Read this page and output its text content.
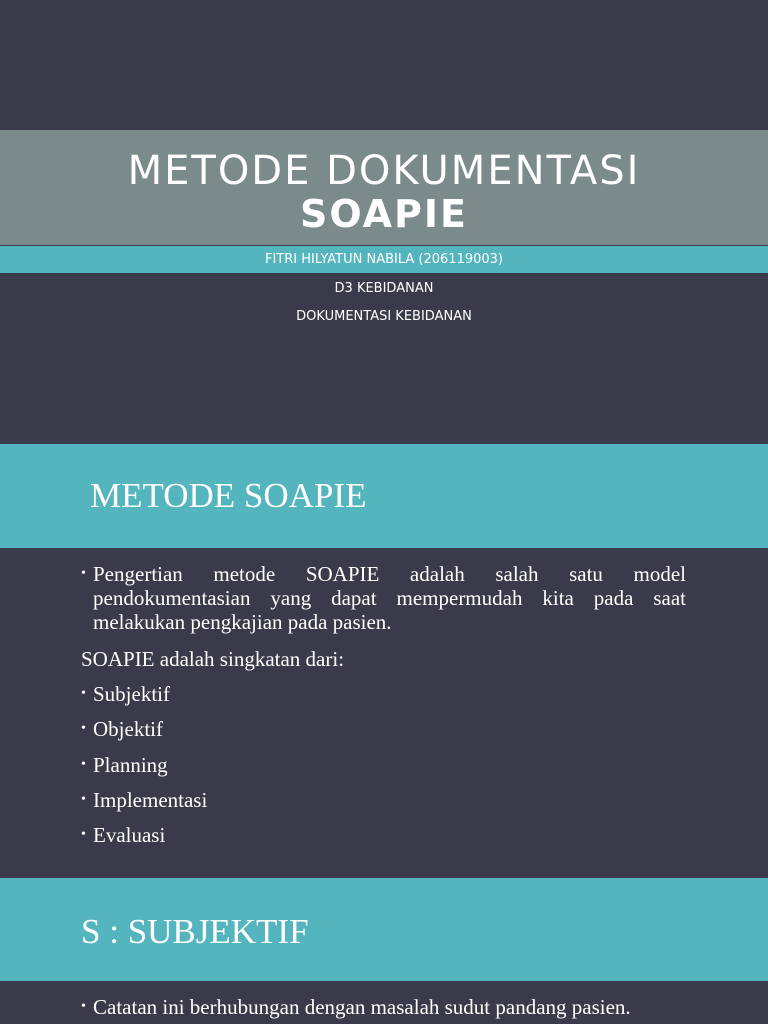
METODE DOKUMENTASI
SOAPIE
FITRI HILYATUN NABILA (206119003)
D3 KEBIDANAN
DOKUMENTASI KEBIDANAN
METODE SOAPIE
• Pengertian metode SOAPIE adalah salah satu model pendokumentasian yang dapat mempermudah kita pada saat melakukan pengkajian pada pasien.
SOAPIE adalah singkatan dari:
• Subjektif
• Objektif
• Planning
• Implementasi
• Evaluasi
S : SUBJEKTIF
• Catatan ini berhubungan dengan masalah sudut pandang pasien.
